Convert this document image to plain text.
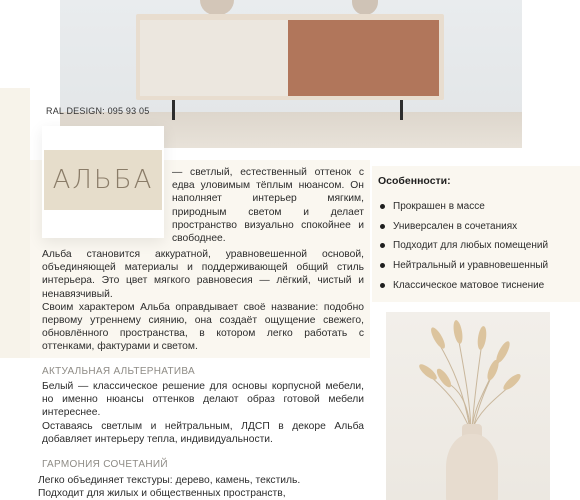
RAL DESIGN: 095 93 05
АЛЬБА — светлый, естественный оттенок с едва уловимым тёплым нюансом. Он наполняет интерьер мягким, природным светом и делает пространство визуально спокойнее и свободнее.

Альба становится аккуратной, уравновешенной основой, объединяющей материалы и поддерживающей общий стиль интерьера. Это цвет мягкого равновесия — лёгкий, чистый и ненавязчивый.

Своим характером Альба оправдывает своё название: подобно первому утреннему сиянию, она создаёт ощущение свежего, обновлённого пространства, в котором легко работать с оттенками, фактурами и светом.

АКТУАЛЬНАЯ АЛЬТЕРНАТИВА

Белый — классическое решение для основы корпусной мебели, но именно нюансы оттенков делают образ готовой мебели интереснее.

Оставаясь светлым и нейтральным, ЛДСП в декоре Альба добавляет интерьеру тепла, индивидуальности.

ГАРМОНИЯ СОЧЕТАНИЙ

Легко объединяет текстуры: дерево, камень, текстиль.

Подходит для жилых и общественных пространств,

Особенности:
Прокрашен в массе
Универсален в сочетаниях
Подходит для любых помещений
Нейтральный и уравновешенный
Классическое матовое тиснение
